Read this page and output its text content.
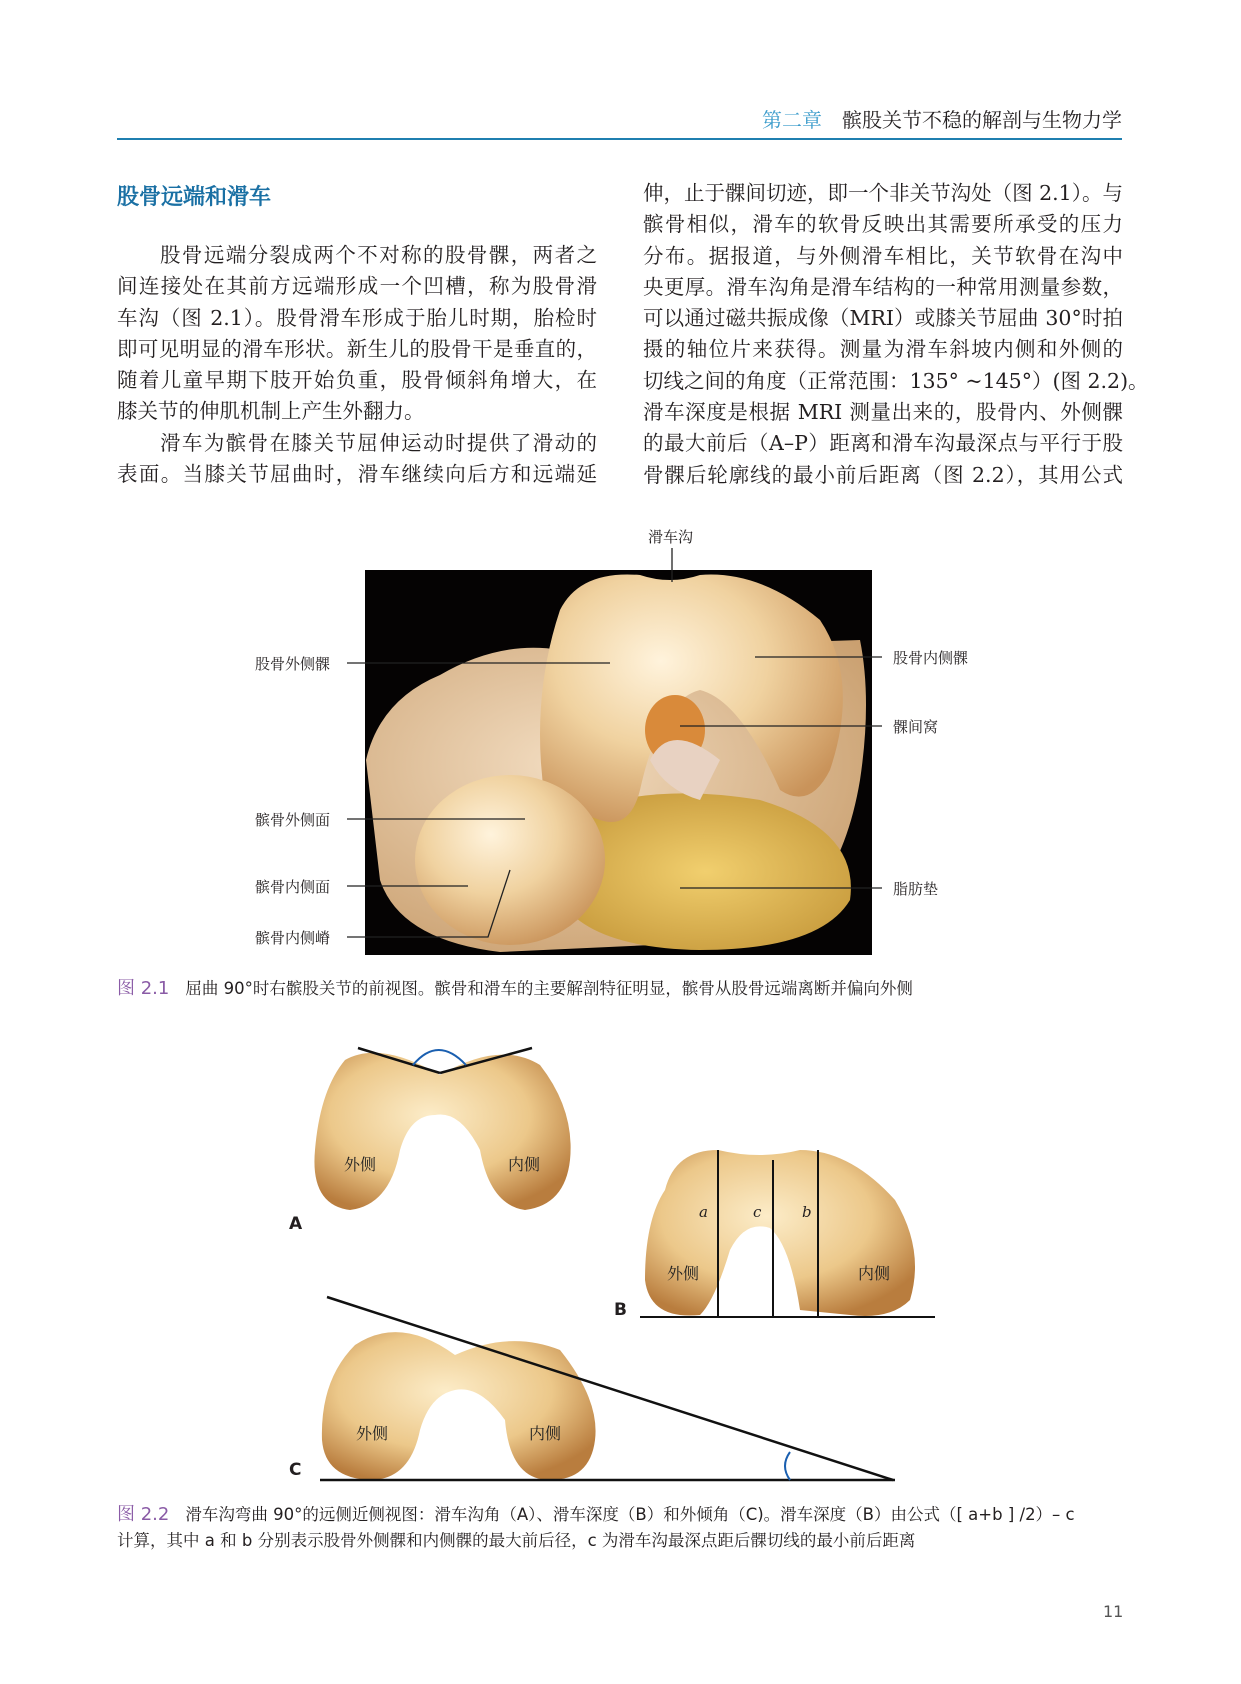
第二章 髌股关节不稳的解剖与生物力学
股骨远端和滑车
股骨远端分裂成两个不对称的股骨髁，两者之
间连接处在其前方远端形成一个凹槽，称为股骨滑
车沟（图 2.1）。股骨滑车形成于胎儿时期，胎检时
即可见明显的滑车形状。新生儿的股骨干是垂直的，
随着儿童早期下肢开始负重，股骨倾斜角增大，在
膝关节的伸肌机制上产生外翻力。
滑车为髌骨在膝关节屈伸运动时提供了滑动的
表面。当膝关节屈曲时，滑车继续向后方和远端延
伸，止于髁间切迹，即一个非关节沟处（图 2.1）。与
髌骨相似，滑车的软骨反映出其需要所承受的压力
分布。据报道，与外侧滑车相比，关节软骨在沟中
央更厚。滑车沟角是滑车结构的一种常用测量参数，
可以通过磁共振成像（MRI）或膝关节屈曲 30°时拍
摄的轴位片来获得。测量为滑车斜坡内侧和外侧的
切线之间的角度（正常范围：135° ~145°）(图 2.2)。
滑车深度是根据 MRI 测量出来的，股骨内、外侧髁
的最大前后（A–P）距离和滑车沟最深点与平行于股
骨髁后轮廓线的最小前后距离（图 2.2），其用公式
滑车沟
股骨外侧髁	股骨内侧髁
髁间窝
髌骨外侧面
髌骨内侧面
髌骨内侧嵴
脂肪垫
图 2.1 屈曲 90°时右髌股关节的前视图。髌骨和滑车的主要解剖特征明显，髌骨从股骨远端离断并偏向外侧
A
B
C
外侧	内侧
外侧	内侧
外侧	内侧
a	c	b
图 2.2 滑车沟弯曲 90°的远侧近侧视图：滑车沟角（A）、滑车深度（B）和外倾角（C)。滑车深度（B）由公式（[ a+b ] /2）– c
计算，其中 a 和 b 分别表示股骨外侧髁和内侧髁的最大前后径，c 为滑车沟最深点距后髁切线的最小前后距离
11
